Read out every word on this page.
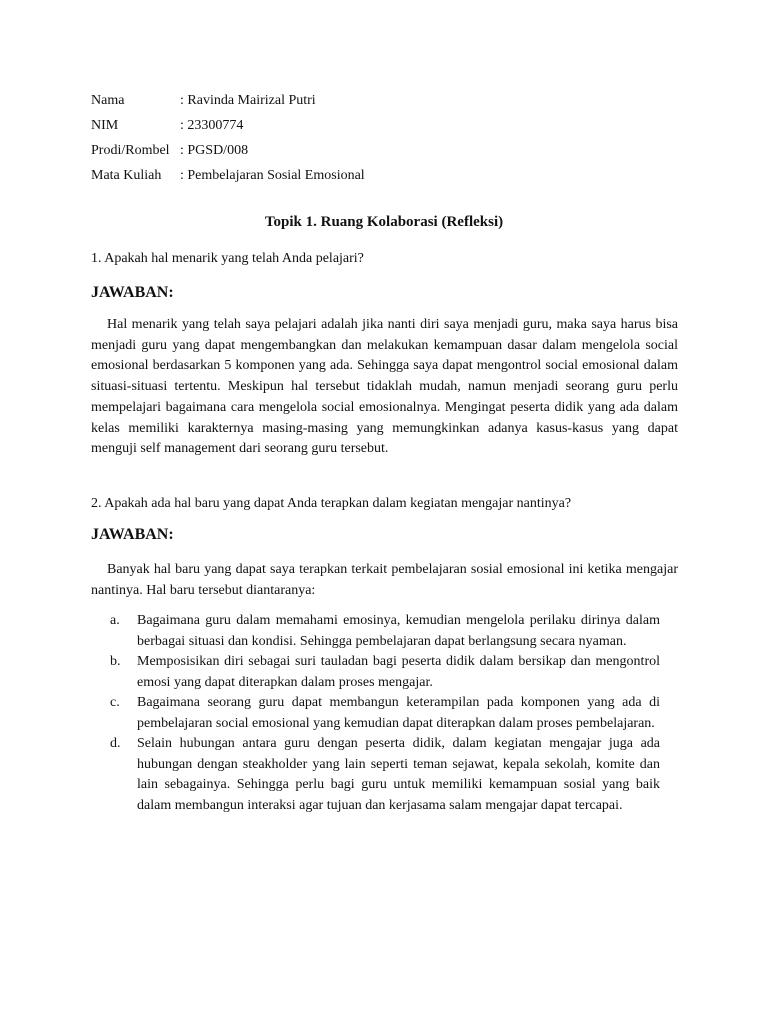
Nama	: Ravinda Mairizal Putri
NIM	: 23300774
Prodi/Rombel : PGSD/008
Mata Kuliah	: Pembelajaran Sosial Emosional
Topik 1. Ruang Kolaborasi (Refleksi)
1. Apakah hal menarik yang telah Anda pelajari?
JAWABAN:
Hal menarik yang telah saya pelajari adalah jika nanti diri saya menjadi guru, maka saya harus bisa menjadi guru yang dapat mengembangkan dan melakukan kemampuan dasar dalam mengelola social emosional berdasarkan 5 komponen yang ada. Sehingga saya dapat mengontrol social emosional dalam situasi-situasi tertentu. Meskipun hal tersebut tidaklah mudah, namun menjadi seorang guru perlu mempelajari bagaimana cara mengelola social emosionalnya. Mengingat peserta didik yang ada dalam kelas memiliki karakternya masing-masing yang memungkinkan adanya kasus-kasus yang dapat menguji self management dari seorang guru tersebut.
2. Apakah ada hal baru yang dapat Anda terapkan dalam kegiatan mengajar nantinya?
JAWABAN:
Banyak hal baru yang dapat saya terapkan terkait pembelajaran sosial emosional ini ketika mengajar nantinya. Hal baru tersebut diantaranya:
a.	Bagaimana guru dalam memahami emosinya, kemudian mengelola perilaku dirinya dalam berbagai situasi dan kondisi. Sehingga pembelajaran dapat berlangsung secara nyaman.
b.	Memposisikan diri sebagai suri tauladan bagi peserta didik dalam bersikap dan mengontrol emosi yang dapat diterapkan dalam proses mengajar.
c.	Bagaimana seorang guru dapat membangun keterampilan pada komponen yang ada di pembelajaran social emosional yang kemudian dapat diterapkan dalam proses pembelajaran.
d.	Selain hubungan antara guru dengan peserta didik, dalam kegiatan mengajar juga ada hubungan dengan steakholder yang lain seperti teman sejawat, kepala sekolah, komite dan lain sebagainya. Sehingga perlu bagi guru untuk memiliki kemampuan sosial yang baik dalam membangun interaksi agar tujuan dan kerjasama salam mengajar dapat tercapai.
